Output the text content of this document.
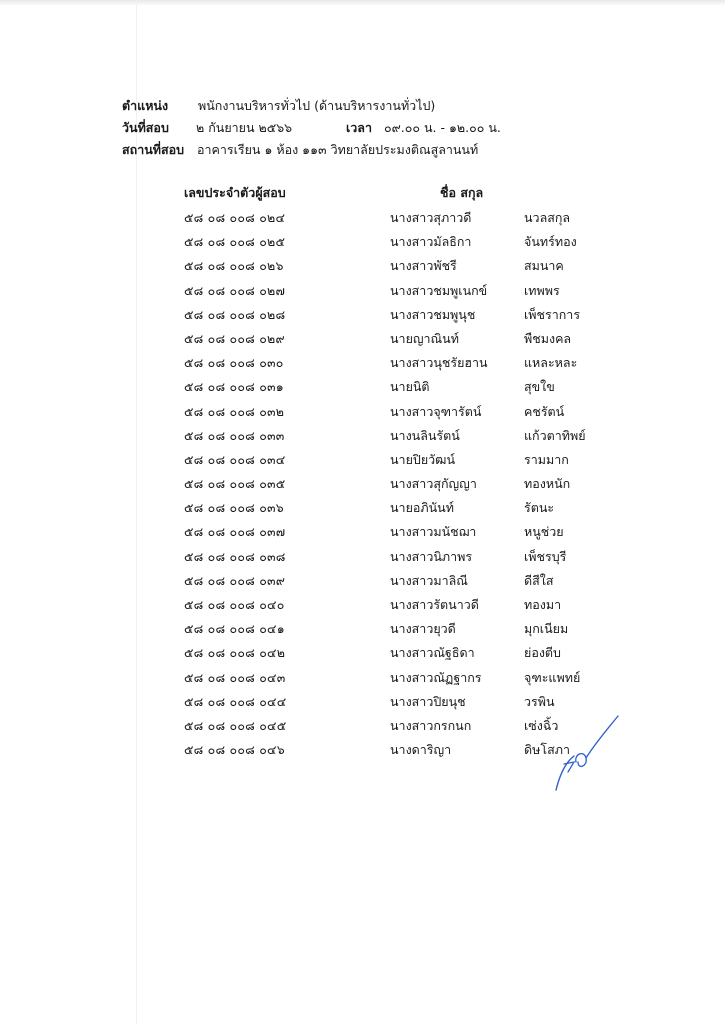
ตำแหน่ง พนักงานบริหารทั่วไป (ด้านบริหารงานทั่วไป)
วันที่สอบ ๒ กันยายน ๒๕๖๖	เวลา ๐๙.๐๐ น. - ๑๒.๐๐ น.
สถานที่สอบ อาคารเรียน ๑ ห้อง ๑๑๓ วิทยาลัยประมงติณสูลานนท์
เลขประจำตัวผู้สอบ	ชื่อ สกุล
๕๘ ๐๘ ๐๐๘ ๐๒๔	นางสาวสุภาวดี	นวลสกุล
๕๘ ๐๘ ๐๐๘ ๐๒๕	นางสาวมัลธิกา	จันทร์ทอง
๕๘ ๐๘ ๐๐๘ ๐๒๖	นางสาวพัชรี	สมนาค
๕๘ ๐๘ ๐๐๘ ๐๒๗	นางสาวชมพูเนกข์	เทพพร
๕๘ ๐๘ ๐๐๘ ๐๒๘	นางสาวชมพูนุช	เพ็ชราการ
๕๘ ๐๘ ๐๐๘ ๐๒๙	นายญาณินท์	พืชมงคล
๕๘ ๐๘ ๐๐๘ ๐๓๐	นางสาวนุชรัยฮาน	แหละหละ
๕๘ ๐๘ ๐๐๘ ๐๓๑	นายนิติ	สุขใข
๕๘ ๐๘ ๐๐๘ ๐๓๒	นางสาวจุฑารัตน์	คชรัตน์
๕๘ ๐๘ ๐๐๘ ๐๓๓	นางนลินรัตน์	แก้วตาทิพย์
๕๘ ๐๘ ๐๐๘ ๐๓๔	นายปิยวัฒน์	รามมาก
๕๘ ๐๘ ๐๐๘ ๐๓๕	นางสาวสุกัญญา	ทองหนัก
๕๘ ๐๘ ๐๐๘ ๐๓๖	นายอภินันท์	รัตนะ
๕๘ ๐๘ ๐๐๘ ๐๓๗	นางสาวมนัชฌา	หนูช่วย
๕๘ ๐๘ ๐๐๘ ๐๓๘	นางสาวนิภาพร	เพ็ชรบุรี
๕๘ ๐๘ ๐๐๘ ๐๓๙	นางสาวมาลิณี	ดีสีใส
๕๘ ๐๘ ๐๐๘ ๐๔๐	นางสาวรัตนาวดี	ทองมา
๕๘ ๐๘ ๐๐๘ ๐๔๑	นางสาวยุวดี	มุกเนียม
๕๘ ๐๘ ๐๐๘ ๐๔๒	นางสาวณัฐธิดา	ย่องตีบ
๕๘ ๐๘ ๐๐๘ ๐๔๓	นางสาวณัฏฐากร	จุฑะแพทย์
๕๘ ๐๘ ๐๐๘ ๐๔๔	นางสาวปิยนุช	วรพิน
๕๘ ๐๘ ๐๐๘ ๐๔๕	นางสาวกรกนก	เซ่งฉิ้ว
๕๘ ๐๘ ๐๐๘ ๐๔๖	นางดาริญา	ดิษโสภา
